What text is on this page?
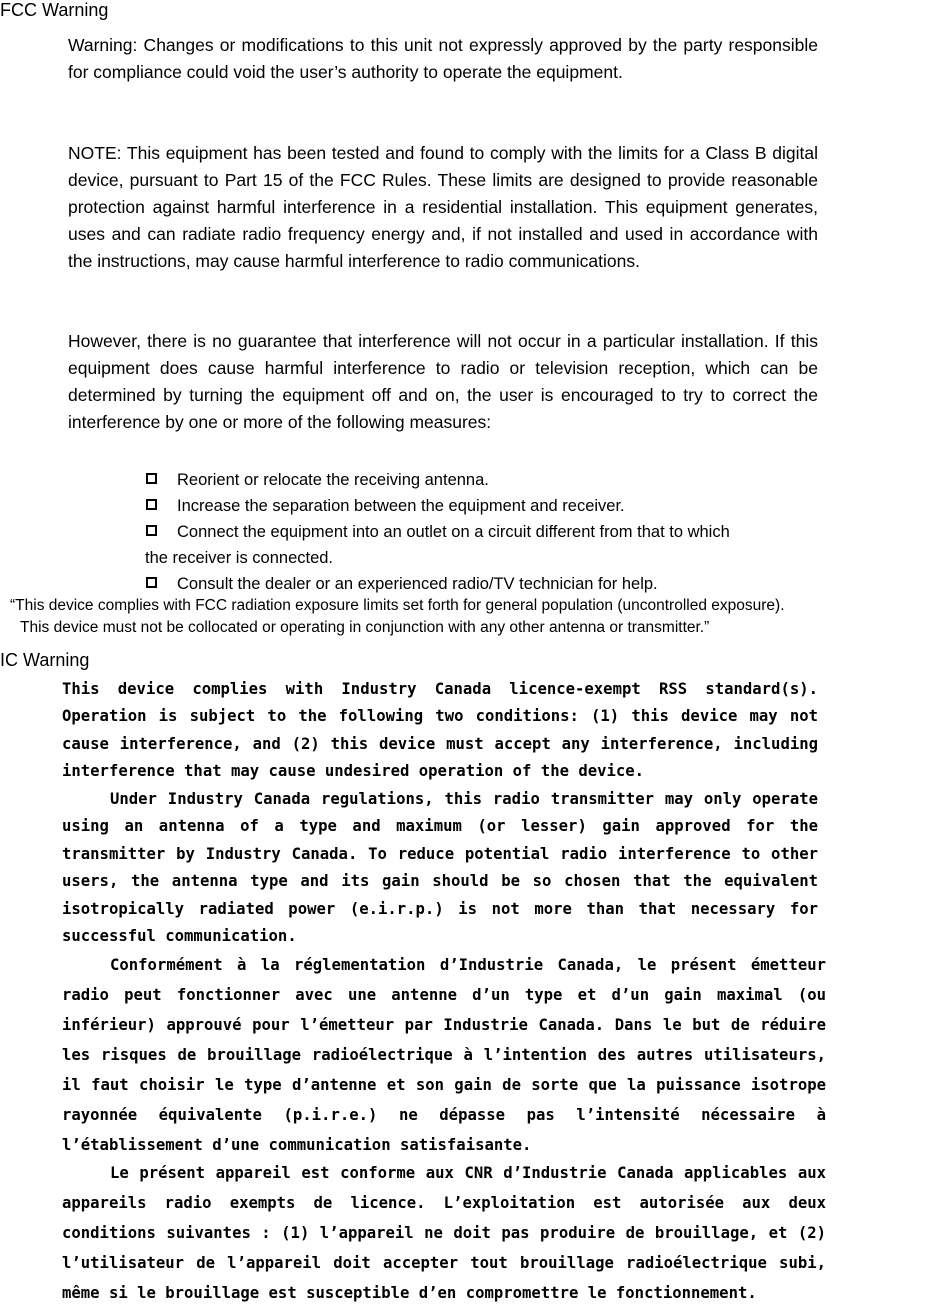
FCC Warning
Warning: Changes or modifications to this unit not expressly approved by the party responsible for compliance could void the user’s authority to operate the equipment.
NOTE: This equipment has been tested and found to comply with the limits for a Class B digital device, pursuant to Part 15 of the FCC Rules. These limits are designed to provide reasonable protection against harmful interference in a residential installation. This equipment generates, uses and can radiate radio frequency energy and, if not installed and used in accordance with the instructions, may cause harmful interference to radio communications.
However, there is no guarantee that interference will not occur in a particular installation. If this equipment does cause harmful interference to radio or television reception, which can be determined by turning the equipment off and on, the user is encouraged to try to correct the interference by one or more of the following measures:
Reorient or relocate the receiving antenna.
Increase the separation between the equipment and receiver.
Connect the equipment into an outlet on a circuit different from that to which
the receiver is connected.
Consult the dealer or an experienced radio/TV technician for help.
“This device complies with FCC radiation exposure limits set forth for general population (uncontrolled exposure).
This device must not be collocated or operating in conjunction with any other antenna or transmitter.”
IC Warning
This device complies with Industry Canada licence-exempt RSS standard(s). Operation is subject to the following two conditions: (1) this device may not cause interference, and (2) this device must accept any interference, including interference that may cause undesired operation of the device.
Under Industry Canada regulations, this radio transmitter may only operate using an antenna of a type and maximum (or lesser) gain approved for the transmitter by Industry Canada. To reduce potential radio interference to other users, the antenna type and its gain should be so chosen that the equivalent isotropically radiated power (e.i.r.p.) is not more than that necessary for successful communication.
Conformément à la réglementation d’Industrie Canada, le présent émetteur radio peut fonctionner avec une antenne d’un type et d’un gain maximal (ou inférieur) approuvé pour l’émetteur par Industrie Canada. Dans le but de réduire les risques de brouillage radioélectrique à l’intention des autres utilisateurs, il faut choisir le type d’antenne et son gain de sorte que la puissance isotrope rayonnée équivalente (p.i.r.e.) ne dépasse pas l’intensité nécessaire à l’établissement d’une communication satisfaisante.
Le présent appareil est conforme aux CNR d’Industrie Canada applicables aux appareils radio exempts de licence. L’exploitation est autorisée aux deux conditions suivantes : (1) l’appareil ne doit pas produire de brouillage, et (2) l’utilisateur de l’appareil doit accepter tout brouillage radioélectrique subi, même si le brouillage est susceptible d’en compromettre le fonctionnement.
